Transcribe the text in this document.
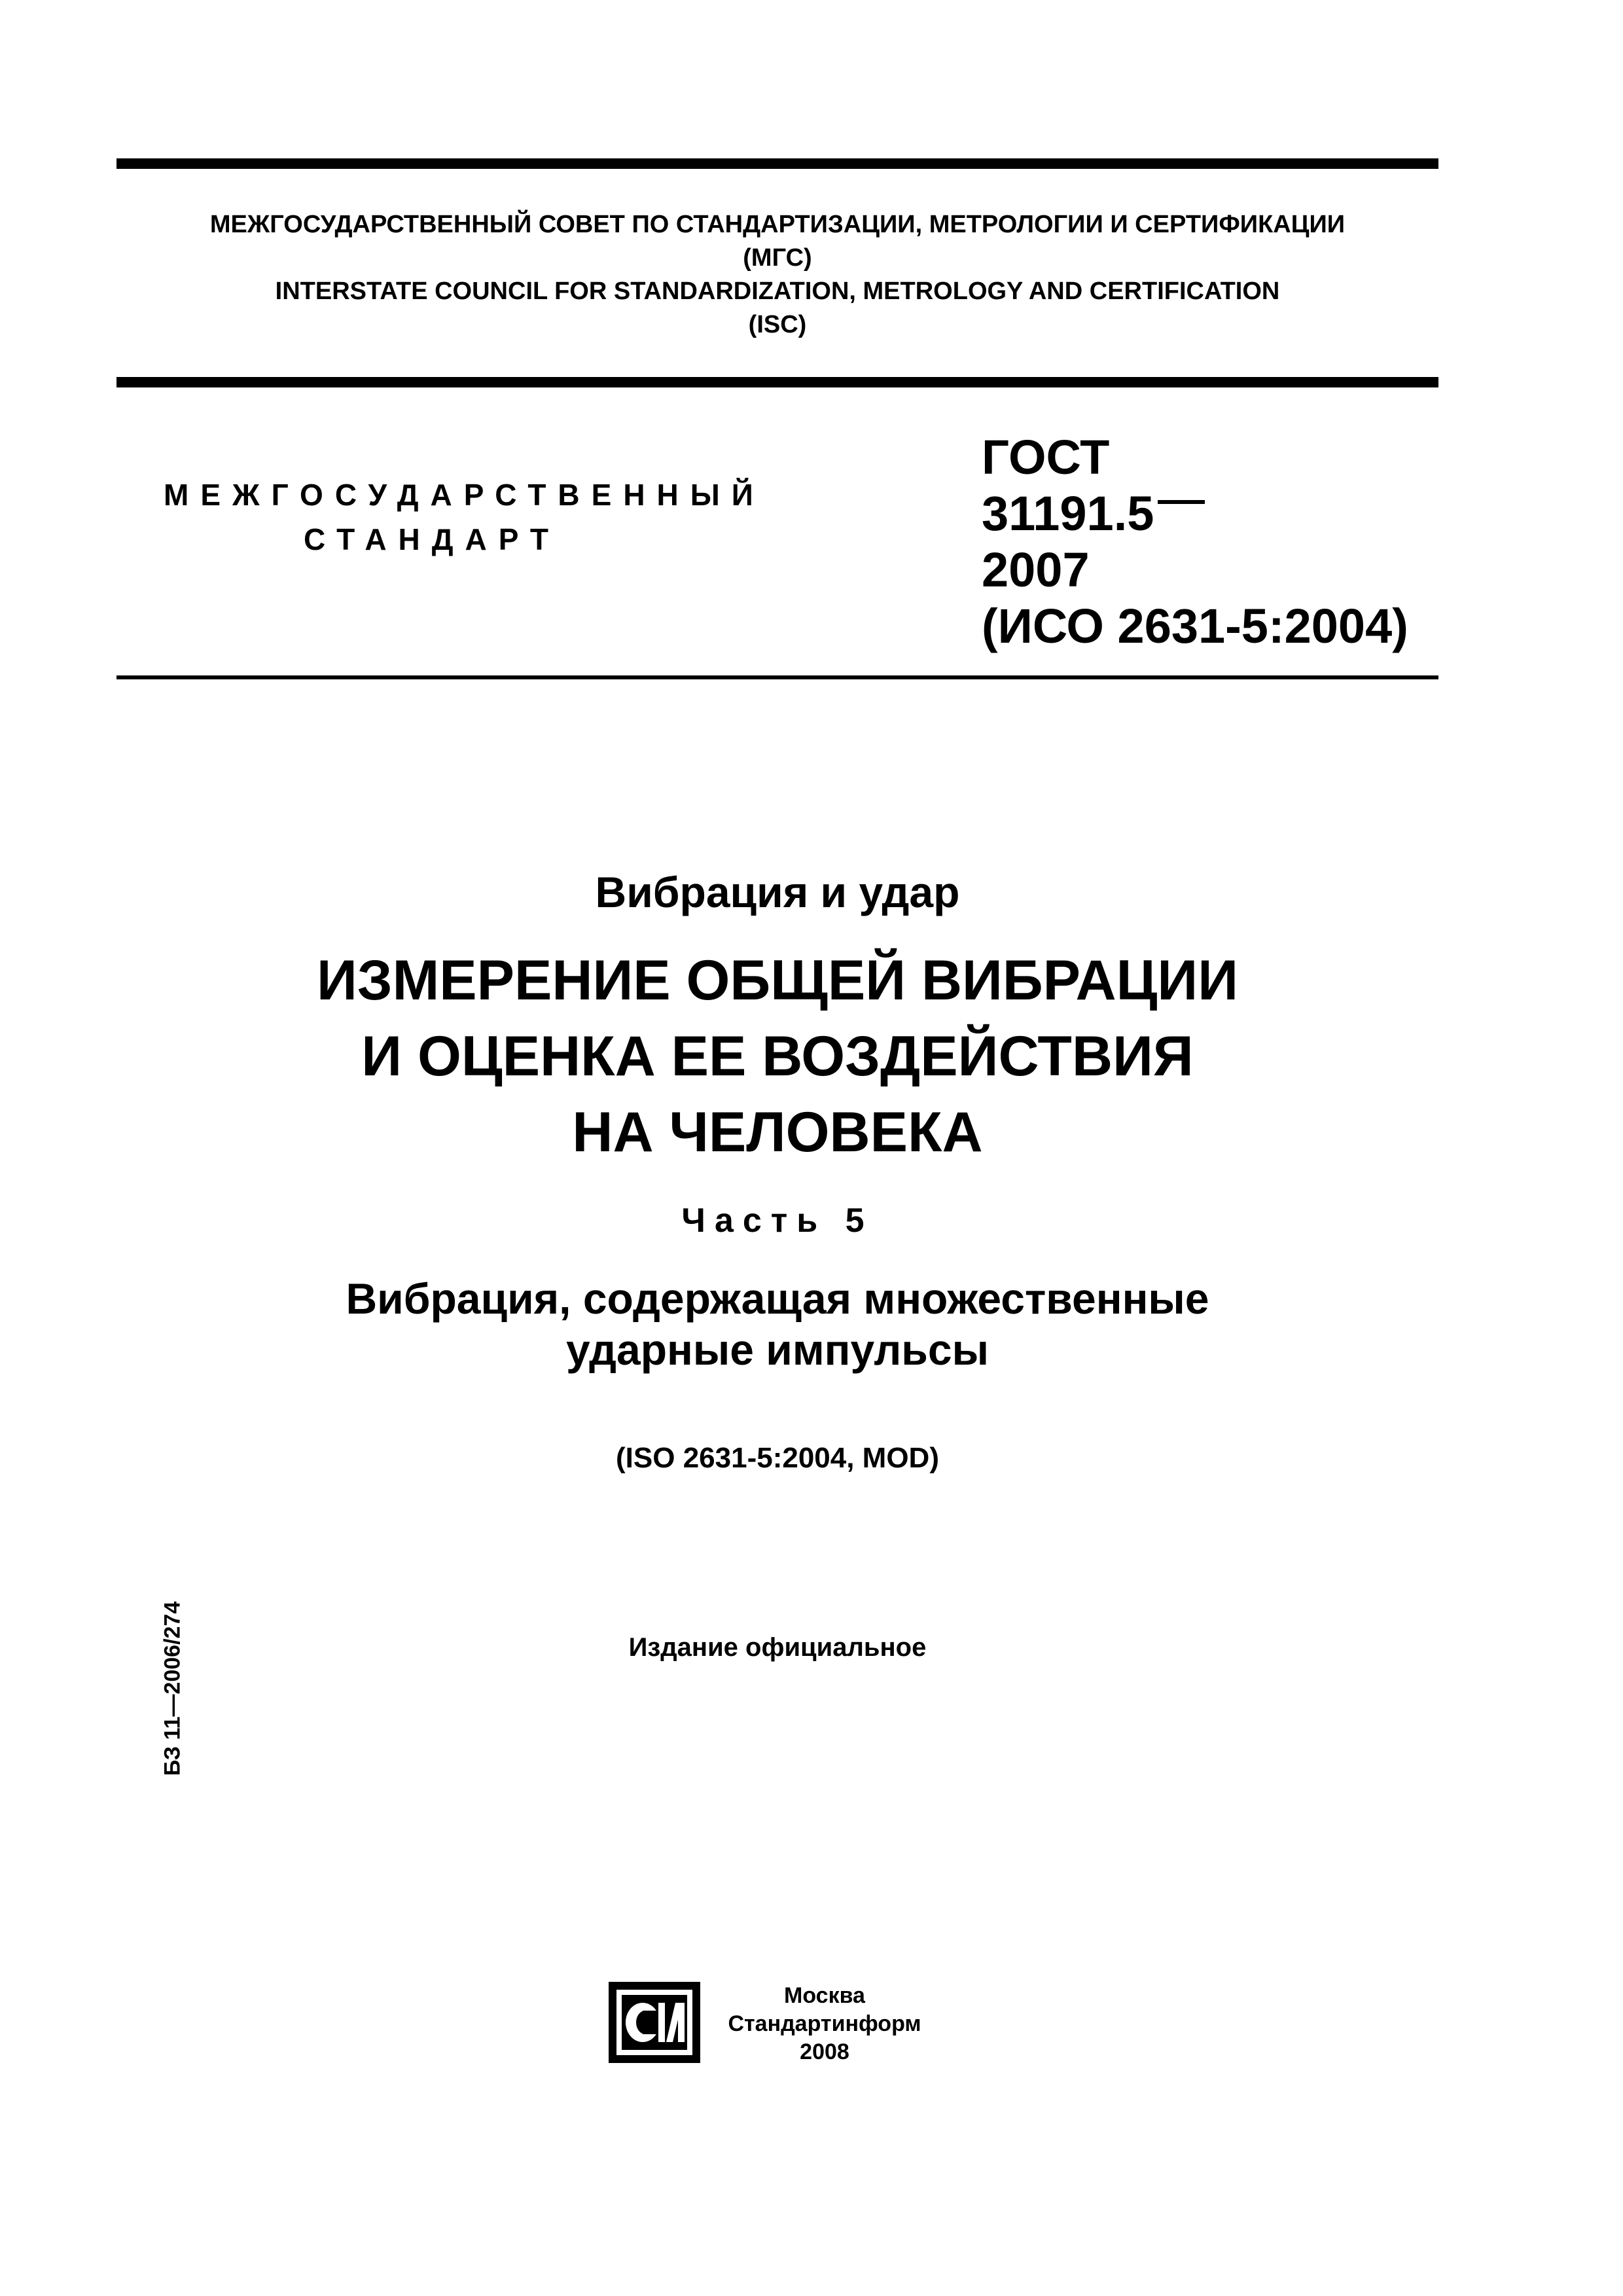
МЕЖГОСУДАРСТВЕННЫЙ СОВЕТ ПО СТАНДАРТИЗАЦИИ, МЕТРОЛОГИИ И СЕРТИФИКАЦИИ
(МГС)
INTERSTATE COUNCIL FOR STANDARDIZATION, METROLOGY AND CERTIFICATION
(ISC)
МЕЖГОСУДАРСТВЕННЫЙ
СТАНДАРТ
ГОСТ
31191.5
2007
(ИСО 2631-5:2004)
Вибрация и удар
ИЗМЕРЕНИЕ ОБЩЕЙ ВИБРАЦИИ
И ОЦЕНКА ЕЕ ВОЗДЕЙСТВИЯ
НА ЧЕЛОВЕКА
Часть 5
Вибрация, содержащая множественные
ударные импульсы
(ISO 2631-5:2004, MOD)
Издание официальное
БЗ 11—2006/274
Москва
Стандартинформ
2008
